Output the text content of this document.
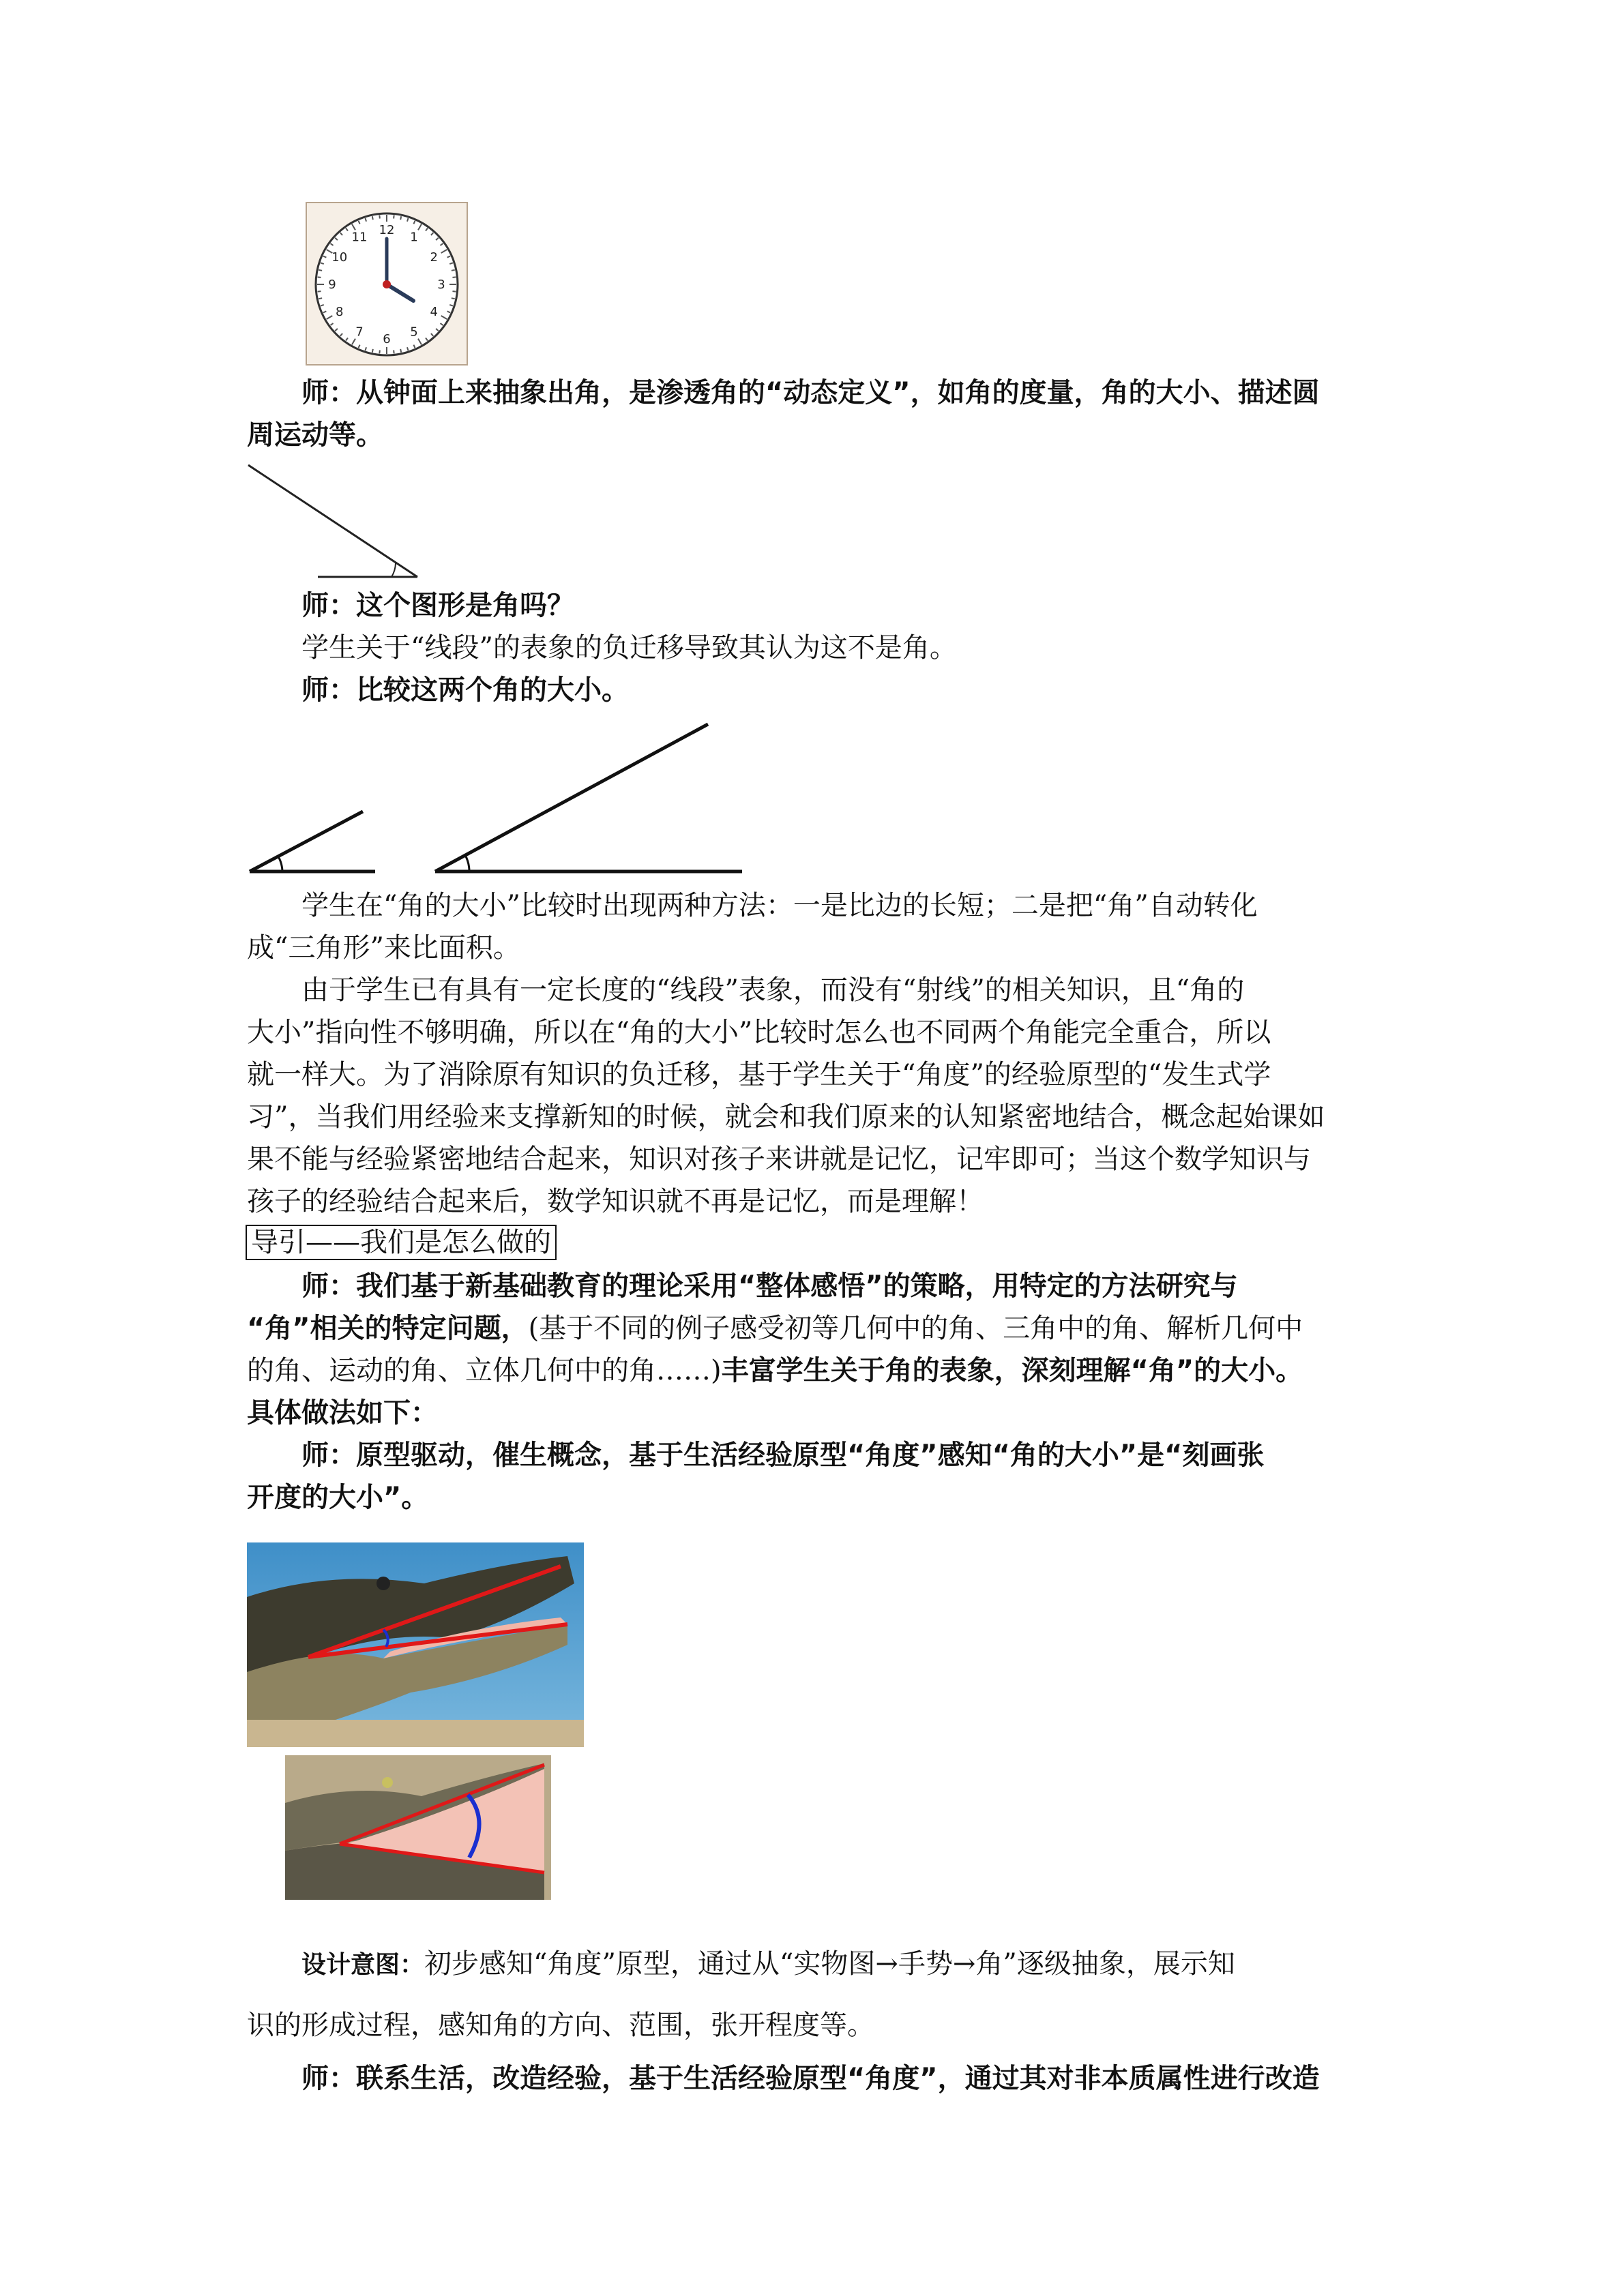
12
1
2
3
4
5
6
7
8
9
10
11
师：从钟面上来抽象出角，是渗透角的“动态定义”，如角的度量，角的大小、描述圆
周运动等。
师：这个图形是角吗？
学生关于“线段”的表象的负迁移导致其认为这不是角。
师：比较这两个角的大小。
学生在“角的大小”比较时出现两种方法：一是比边的长短；二是把“角”自动转化
成“三角形”来比面积。
由于学生已有具有一定长度的“线段”表象，而没有“射线”的相关知识，且“角的
大小”指向性不够明确，所以在“角的大小”比较时怎么也不同两个角能完全重合，所以
就一样大。为了消除原有知识的负迁移，基于学生关于“角度”的经验原型的“发生式学
习”，当我们用经验来支撑新知的时候，就会和我们原来的认知紧密地结合，概念起始课如
果不能与经验紧密地结合起来，知识对孩子来讲就是记忆，记牢即可；当这个数学知识与
孩子的经验结合起来后，数学知识就不再是记忆，而是理解！
导引——我们是怎么做的
师：我们基于新基础教育的理论采用“整体感悟”的策略，用特定的方法研究与
“角”相关的特定问题，(基于不同的例子感受初等几何中的角、三角中的角、解析几何中
的角、运动的角、立体几何中的角……)丰富学生关于角的表象，深刻理解“角”的大小。
具体做法如下：
师：原型驱动，催生概念，基于生活经验原型“角度”感知“角的大小”是“刻画张
开度的大小”。
设计意图：初步感知“角度”原型，通过从“实物图→手势→角”逐级抽象，展示知
识的形成过程，感知角的方向、范围，张开程度等。
师：联系生活，改造经验，基于生活经验原型“角度”，通过其对非本质属性进行改造
